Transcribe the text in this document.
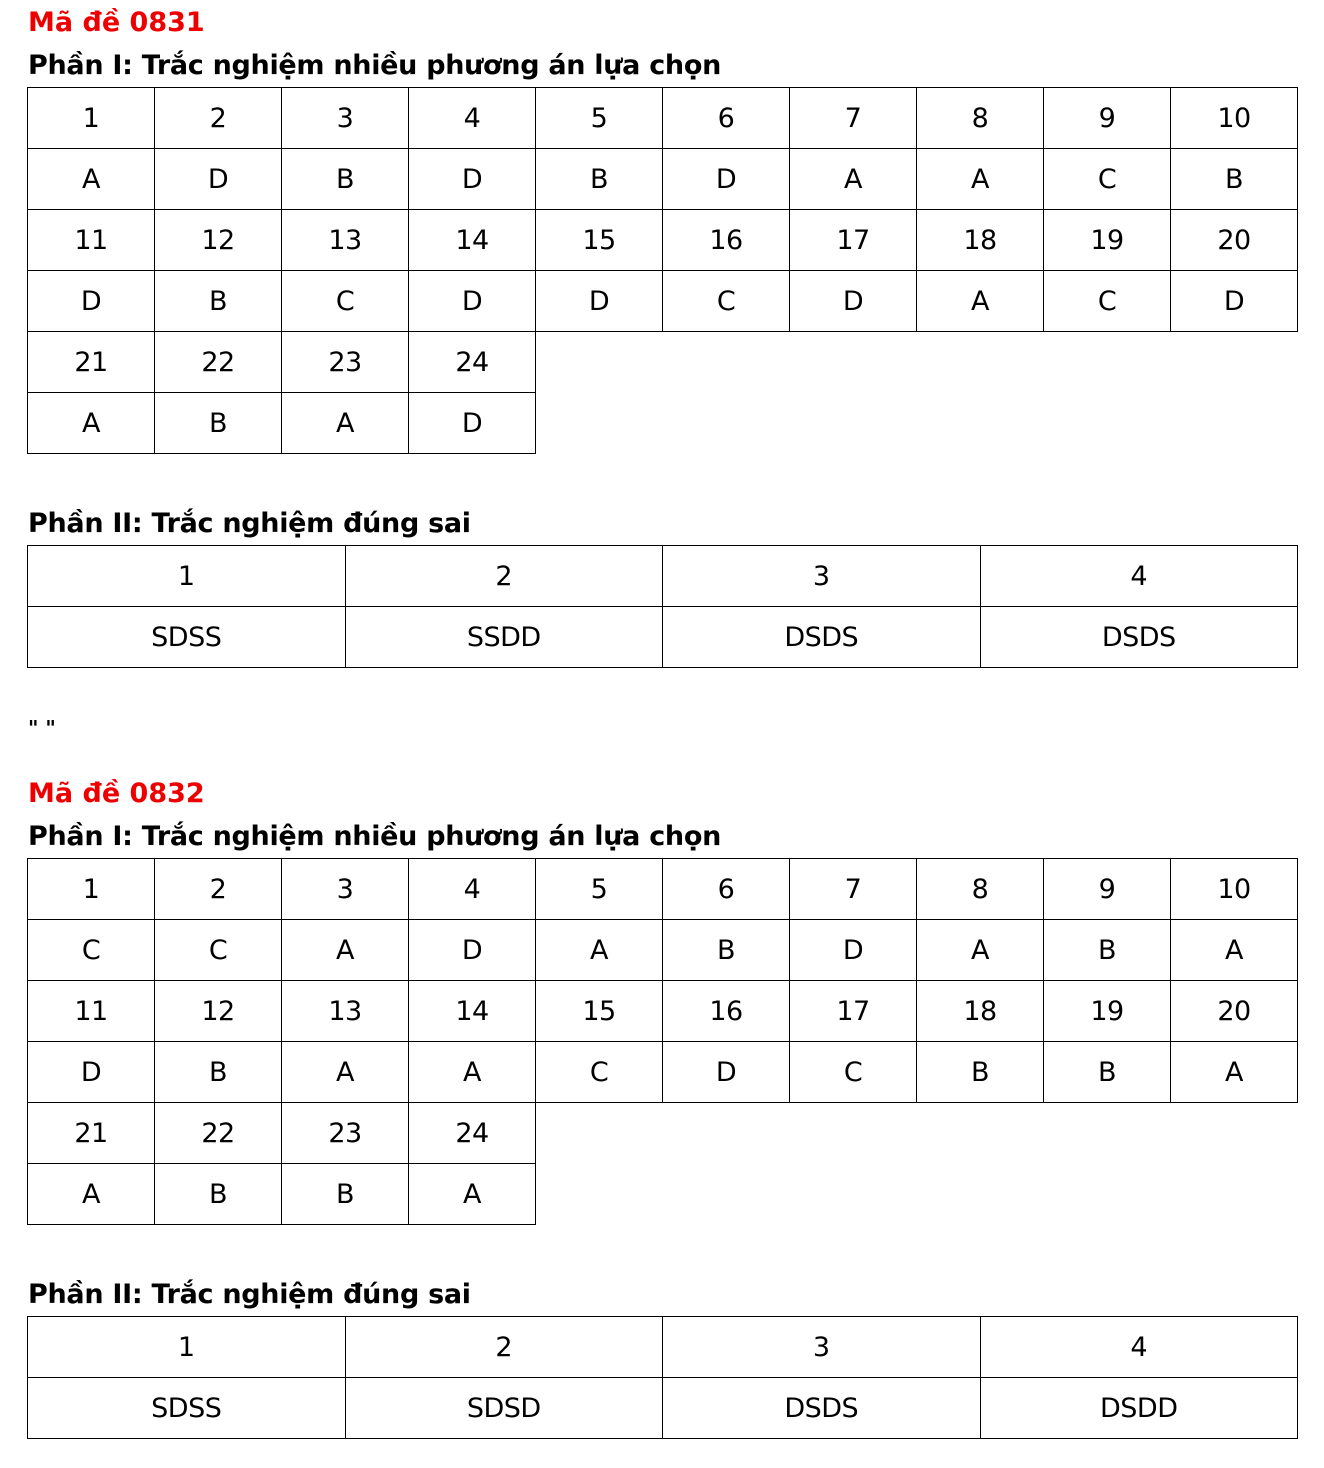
Mã đề 0831
Phần I: Trắc nghiệm nhiều phương án lựa chọn
1	2	3	4	5	6	7	8	9	10
A	D	B	D	B	D	A	A	C	B
11	12	13	14	15	16	17	18	19	20
D	B	C	D	D	C	D	A	C	D
21	22	23	24						
A	B	A	D						
Phần II: Trắc nghiệm đúng sai
1	2	3	4
SDSS	SSDD	DSDS	DSDS

" "

Mã đề 0832
Phần I: Trắc nghiệm nhiều phương án lựa chọn
1	2	3	4	5	6	7	8	9	10
C	C	A	D	A	B	D	A	B	A
11	12	13	14	15	16	17	18	19	20
D	B	A	A	C	D	C	B	B	A
21	22	23	24						
A	B	B	A						
Phần II: Trắc nghiệm đúng sai
1	2	3	4
SDSS	SDSD	DSDS	DSDD
